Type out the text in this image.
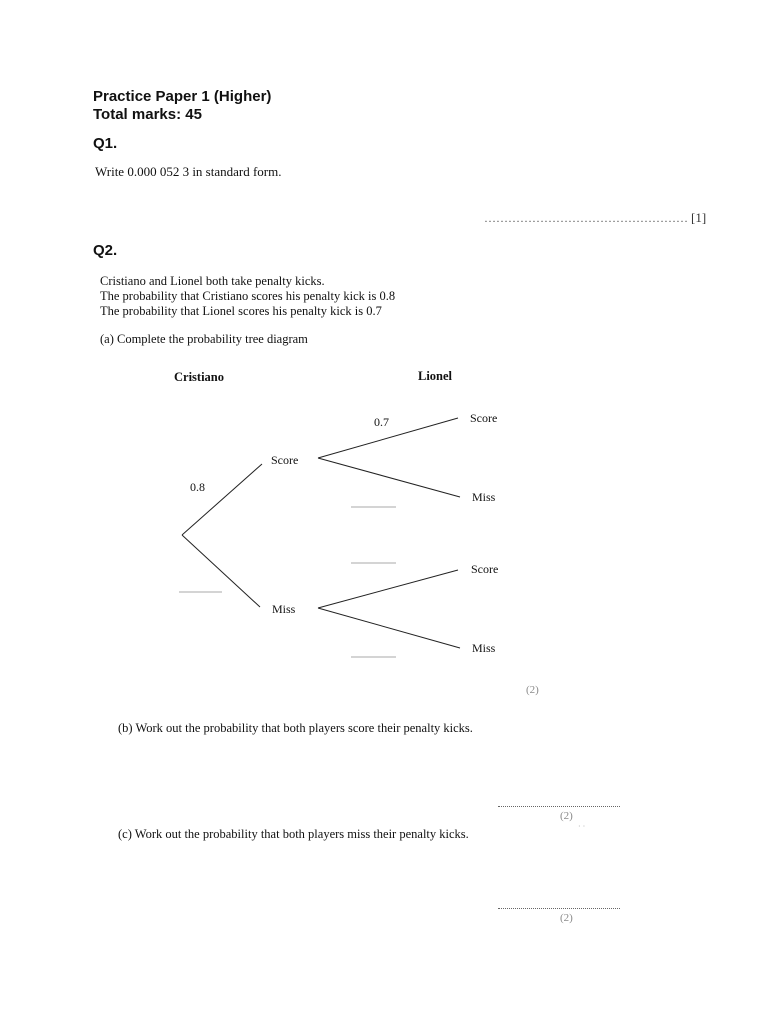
Practice Paper 1 (Higher)
Total marks: 45
Q1.
Write 0.000 052 3 in standard form.
…………………………………………… [1]
Q2.
Cristiano and Lionel both take penalty kicks.
The probability that Cristiano scores his penalty kick is 0.8
The probability that Lionel scores his penalty kick is 0.7
(a) Complete the probability tree diagram
Cristiano	Lionel
0.8
0.7
Score
Miss
Score
Miss
Score
Miss
(2)
(b) Work out the probability that both players score their penalty kicks.
(2)
· ·
(c) Work out the probability that both players miss their penalty kicks.
(2)
